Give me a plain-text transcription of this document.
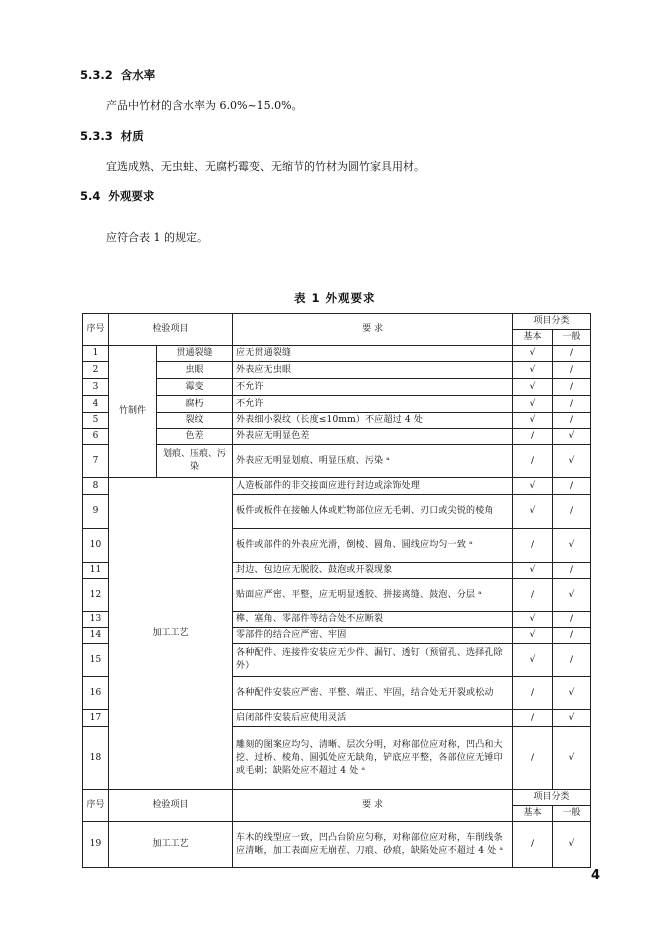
5.3.2 含水率
产品中竹材的含水率为 6.0%~15.0%。
5.3.3 材质
宜选成熟、无虫蛀、无腐朽霉变、无缩节的竹材为圆竹家具用材。
5.4 外观要求
应符合表 1 的规定。
表 1 外观要求
序号	检验项目		要 求	项目分类	
				基本	一般
1	竹制件	贯通裂缝	应无贯通裂缝	√	/
2		虫眼	外表应无虫眼	√	/
3		霉变	不允许	√	/
4		腐朽	不允许	√	/
5		裂纹	外表细小裂纹（长度≤10mm）不应超过 4 处	√	/
6		色差	外表应无明显色差	/	√
7		划痕、压痕、污染	外表应无明显划痕、明显压痕、污染 ᵃ	/	√
8	加工工艺		人造板部件的非交接面应进行封边或涂饰处理	√	/
9			板件或板件在接触人体或贮物部位应无毛刺、刃口或尖锐的棱角	√	/
10			板件或部件的外表应光滑，倒棱、圆角、圆线应均匀一致 ᵃ	/	√
11			封边、包边应无脱胶、鼓泡或开裂现象	√	/
12			贴面应严密、平整，应无明显透胶、拼接离缝、鼓泡、分层 ᵃ	/	√
13			榫、塞角、零部件等结合处不应断裂	√	/
14			零部件的结合应严密、牢固	√	/
15			各种配件、连接件安装应无少件、漏钉、透钉（预留孔、选择孔除外）	√	/
16			各种配件安装应严密、平整、端正、牢固，结合处无开裂或松动	/	√
17			启闭部件安装后应使用灵活	/	√
18			雕刻的图案应均匀、清晰、层次分明，对称部位应对称，凹凸和大挖、过桥、棱角、圆弧处应无缺角，铲底应平整，各部位应无锤印或毛刺；缺陷处应不超过 4 处 ᵃ	/	√
序号	检验项目		要 求	项目分类	
				基本	一般
19	加工工艺		车木的线型应一致，凹凸台阶应匀称，对称部位应对称，车削线条应清晰，加工表面应无崩茬、刀痕、砂痕，缺陷处应不超过 4 处 ᵃ	/	√
4
